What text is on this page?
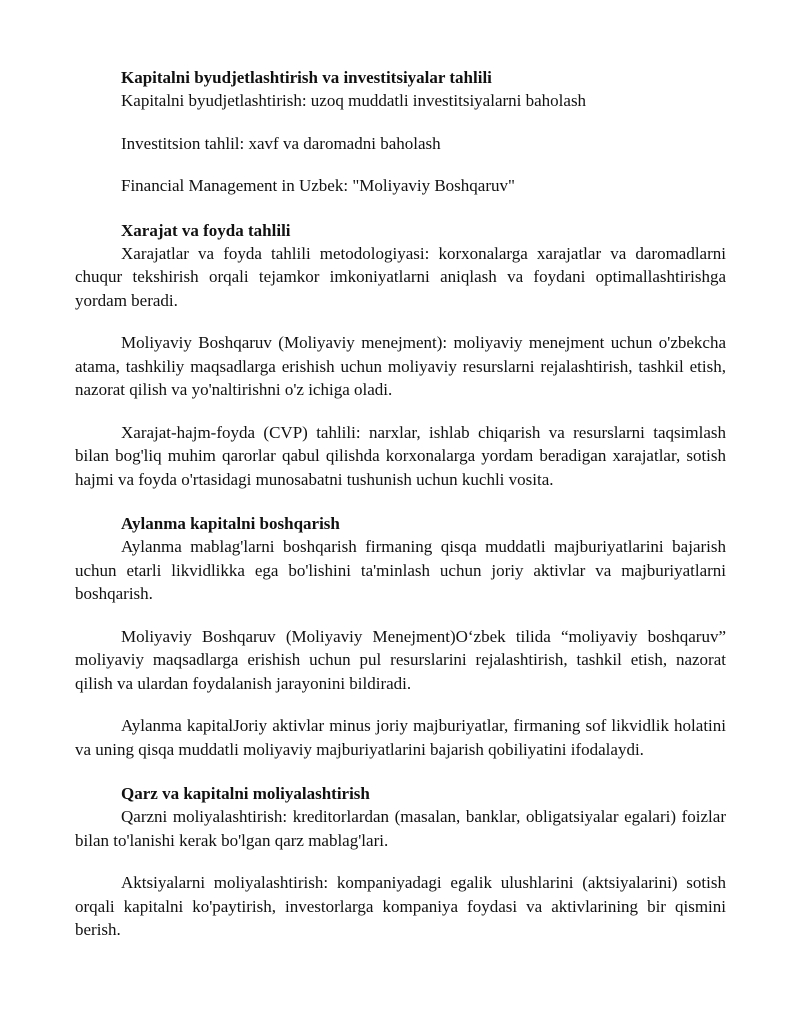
Kapitalni byudjetlashtirish va investitsiyalar tahlili

Kapitalni byudjetlashtirish: uzoq muddatli investitsiyalarni baholash

Investitsion tahlil: xavf va daromadni baholash

Financial Management in Uzbek: "Moliyaviy Boshqaruv"

Xarajat va foyda tahlili

Xarajatlar va foyda tahlili metodologiyasi: korxonalarga xarajatlar va daromadlarni chuqur tekshirish orqali tejamkor imkoniyatlarni aniqlash va foydani optimallashtirishga yordam beradi.

Moliyaviy Boshqaruv (Moliyaviy menejment): moliyaviy menejment uchun o'zbekcha atama, tashkiliy maqsadlarga erishish uchun moliyaviy resurslarni rejalashtirish, tashkil etish, nazorat qilish va yo'naltirishni o'z ichiga oladi.

Xarajat-hajm-foyda (CVP) tahlili: narxlar, ishlab chiqarish va resurslarni taqsimlash bilan bog'liq muhim qarorlar qabul qilishda korxonalarga yordam beradigan xarajatlar, sotish hajmi va foyda o'rtasidagi munosabatni tushunish uchun kuchli vosita.

Aylanma kapitalni boshqarish

Aylanma mablag'larni boshqarish firmaning qisqa muddatli majburiyatlarini bajarish uchun etarli likvidlikka ega bo'lishini ta'minlash uchun joriy aktivlar va majburiyatlarni boshqarish.

Moliyaviy Boshqaruv (Moliyaviy Menejment)O‘zbek tilida “moliyaviy boshqaruv” moliyaviy maqsadlarga erishish uchun pul resurslarini rejalashtirish, tashkil etish, nazorat qilish va ulardan foydalanish jarayonini bildiradi.

Aylanma kapitalJoriy aktivlar minus joriy majburiyatlar, firmaning sof likvidlik holatini va uning qisqa muddatli moliyaviy majburiyatlarini bajarish qobiliyatini ifodalaydi.

Qarz va kapitalni moliyalashtirish

Qarzni moliyalashtirish: kreditorlardan (masalan, banklar, obligatsiyalar egalari) foizlar bilan to'lanishi kerak bo'lgan qarz mablag'lari.

Aktsiyalarni moliyalashtirish: kompaniyadagi egalik ulushlarini (aktsiyalarini) sotish orqali kapitalni ko'paytirish, investorlarga kompaniya foydasi va aktivlarining bir qismini berish.
